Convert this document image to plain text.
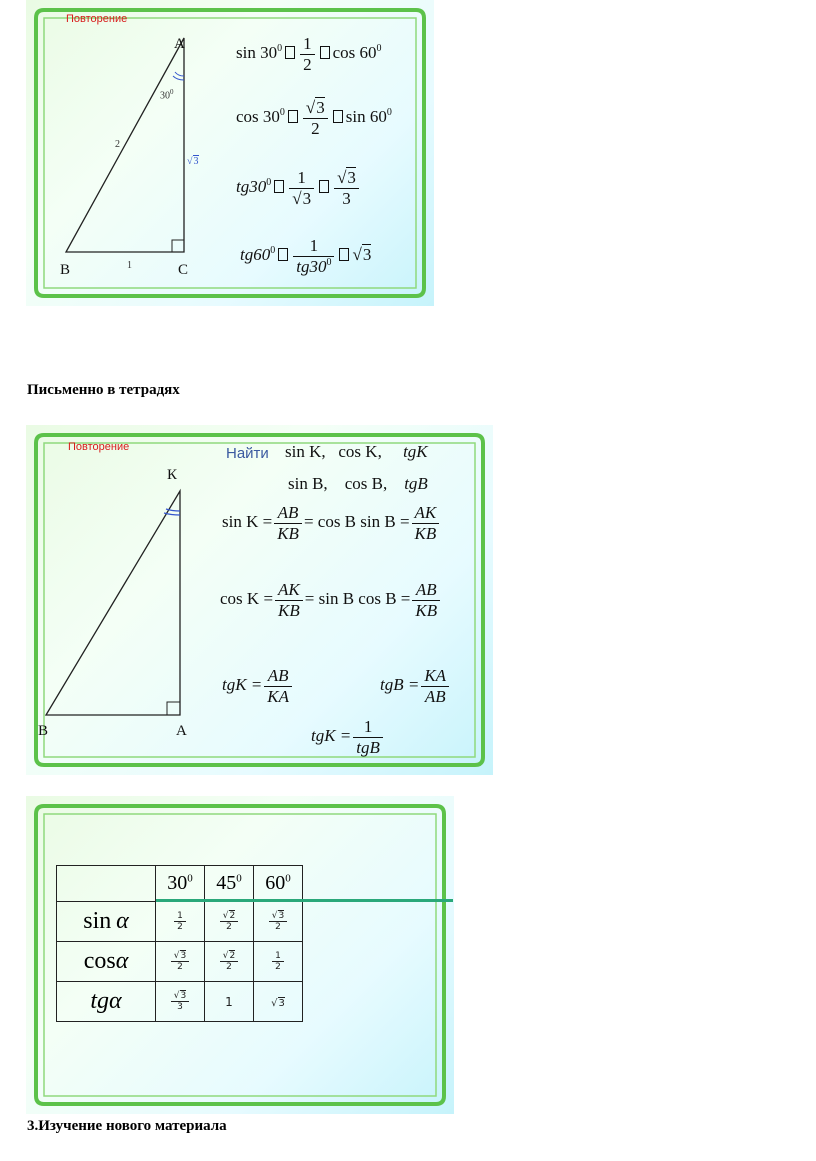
Повторение
A
B	C
$30^0$
2
1
√3
$\sin 30^0 \frac{1}{2}$ $\cos 60^0$
$\cos 30^0 \frac{√3}{2}$ $\sin 60^0$
$tg30^0 \frac{1}{√3} \frac{√3}{3}$
$tg60^0 \frac{1}{tg30^0} √3$
Письменно в тетрадях
Повторение
К
B	A
Найти sin K, cos K, tgK
sin B, cos B, tgB
$\sin K = \frac{AB}{KB} = \cos B$ $\sin B = \frac{AK}{KB}$
$\cos K = \frac{AK}{KB} = \sin B$ $\cos B = \frac{AB}{KB}$
tgK = $\frac{AB}{KA}$	tgB = $\frac{KA}{AB}$
tgK = $\frac{1}{\text{tgB}}$
	$30^0$	$45^0$	$60^0$
sin  α	$\frac{1}{2}$	$\frac{√2}{2}$	$\frac{√3}{2}$

cosα	$\frac{√3}{2}$	$\frac{√2}{2}$	$\frac{1}{2}$

tgα	$\frac{√3}{3}$	1	√3
3.Изучение нового материала
